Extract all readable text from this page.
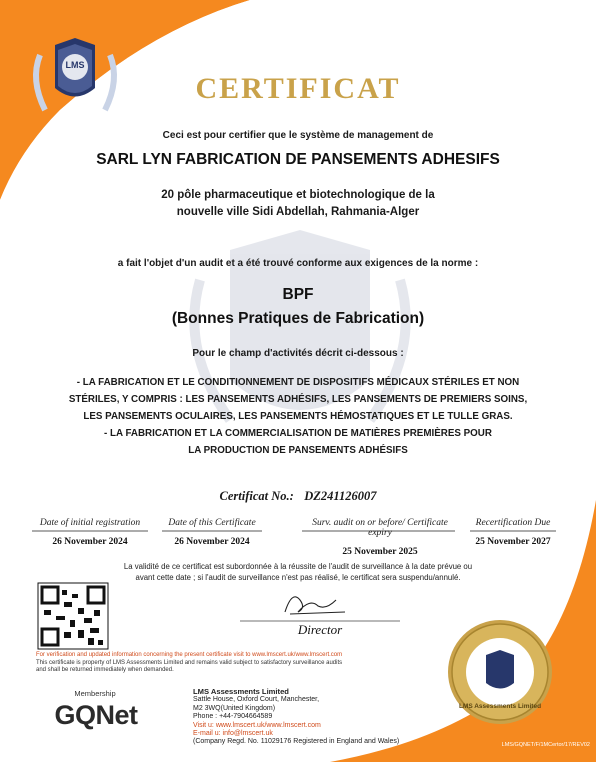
LMS
CERTIFICAT
Ceci est pour certifier que le système de management de
SARL LYN FABRICATION DE PANSEMENTS ADHESIFS
20 pôle pharmaceutique et biotechnologique de la
nouvelle ville Sidi Abdellah, Rahmania-Alger
a fait l'objet d'un audit et a été trouvé conforme aux exigences de la norme :
BPF
(Bonnes Pratiques de Fabrication)
Pour le champ d'activités décrit ci-dessous :
- LA FABRICATION ET LE CONDITIONNEMENT DE DISPOSITIFS MÉDICAUX STÉRILES ET NON
STÉRILES, Y COMPRIS : LES PANSEMENTS ADHÉSIFS, LES PANSEMENTS DE PREMIERS SOINS,
LES PANSEMENTS OCULAIRES, LES PANSEMENTS HÉMOSTATIQUES ET LE TULLE GRAS.
- LA FABRICATION ET LA COMMERCIALISATION DE MATIÈRES PREMIÈRES POUR
LA PRODUCTION DE PANSEMENTS ADHÉSIFS
Certificat No.: DZ241126007
Date of initial registration
26 November 2024
Date of this Certificate
26 November 2024
Surv. audit on or before/ Certificate expiry
25 November 2025
Recertification Due
25 November 2027
La validité de ce certificat est subordonnée à la réussite de l'audit de surveillance à la date prévue ou
avant cette date ; si l'audit de surveillance n'est pas réalisé, le certificat sera suspendu/annulé.
Director
For verification and updated information concerning the present certificate visit to www.lmscert.uk/www.lmscert.com
This certificate is property of LMS Assessments Limited and remains valid subject to satisfactory surveillance audits
and shall be returned immediately when demanded.
Membership
GQNet
LMS Assessments Limited
Sattle House, Oxford Court, Manchester,
M2 3WQ(United Kingdom)
Phone : +44-7904664589
Visit u: www.lmscert.uk/www.lmscert.com
E-mail u: info@lmscert.uk
(Company Regd. No. 11029176 Registered in England and Wales)
LMS Assessments Limited
LMS/GQNET/F/1MCertor/17/REV02
